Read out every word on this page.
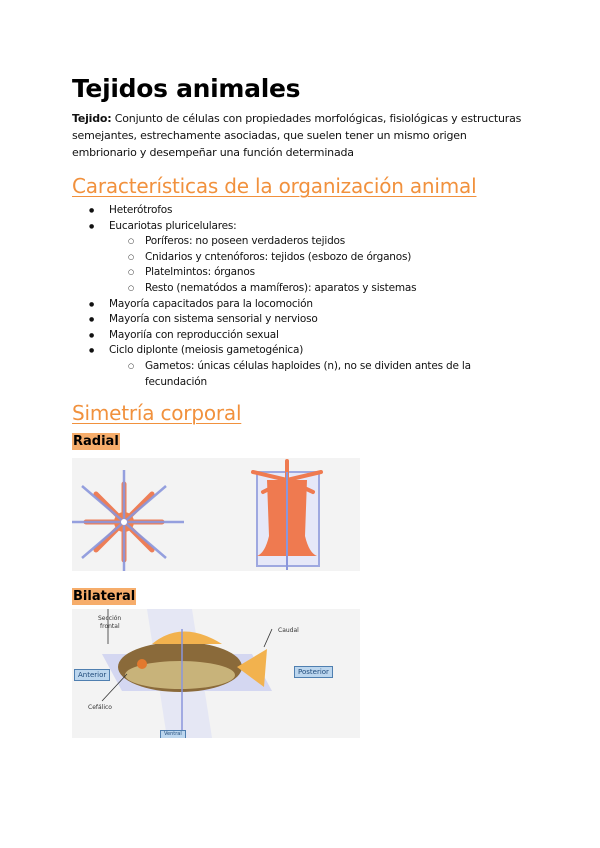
Tejidos animales
Tejido: Conjunto de células con propiedades morfológicas, fisiológicas y estructuras semejantes, estrechamente asociadas, que suelen tener un mismo origen embrionario y desempeñar una función determinada
Características de la organización animal
● Heterótrofos
● Eucariotas pluricelulares:
○ Poríferos: no poseen verdaderos tejidos
○ Cnidarios y cntenóforos: tejidos (esbozo de órganos)
○ Platelmintos: órganos
○ Resto (nematódos a mamíferos): aparatos y sistemas
● Mayoría capacitados para la locomoción
● Mayoría con sistema sensorial y nervioso
● Mayoriía con reproducción sexual
● Ciclo diplonte (meiosis gametogénica)
○ Gametos: únicas células haploides (n), no se dividen antes de la fecundación
Simetría corporal
Radial
Bilateral
Sección
frontal
Caudal
Anterior	Posterior
Cefálico
Ventral
